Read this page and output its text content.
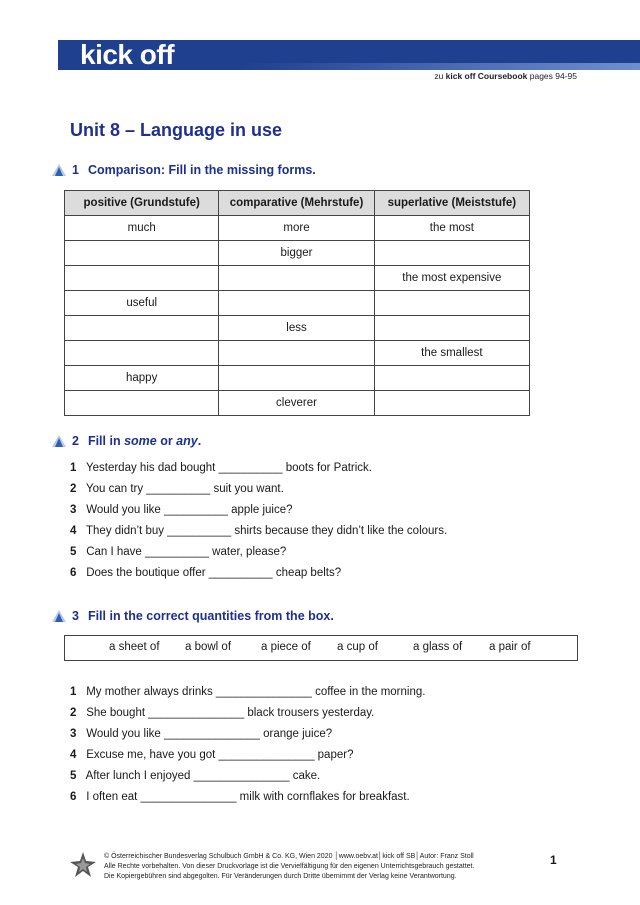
kick off
zu kick off Coursebook pages 94-95
Unit 8 – Language in use
1 Comparison: Fill in the missing forms.
positive (Grundstufe)	comparative (Mehrstufe)	superlative (Meiststufe)
much	more	the most
	bigger	
		the most expensive
useful		
	less	
		the smallest
happy		
	cleverer	
2 Fill in some or any.
1 Yesterday his dad bought __________ boots for Patrick.
2 You can try __________ suit you want.
3 Would you like __________ apple juice?
4 They didn’t buy __________ shirts because they didn’t like the colours.
5 Can I have __________ water, please?
6 Does the boutique offer __________ cheap belts?
3 Fill in the correct quantities from the box.
a sheet of a bowl of	a piece of a cup of	a glass of a pair of
1 My mother always drinks _______________ coffee in the morning.
2 She bought _______________ black trousers yesterday.
3 Would you like _______________ orange juice?
4 Excuse me, have you got _______________ paper?
5 After lunch I enjoyed _______________ cake.
6 I often eat _______________ milk with cornflakes for breakfast.
© Österreichischer Bundesverlag Schulbuch GmbH & Co. KG, Wien 2020 │www.oebv.at│kick off SB│Autor: Franz Stoll
Alle Rechte vorbehalten. Von dieser Druckvorlage ist die Vervielfältigung für den eigenen Unterrichtsgebrauch gestattet.
Die Kopiergebühren sind abgegolten. Für Veränderungen durch Dritte übernimmt der Verlag keine Verantwortung.
1
